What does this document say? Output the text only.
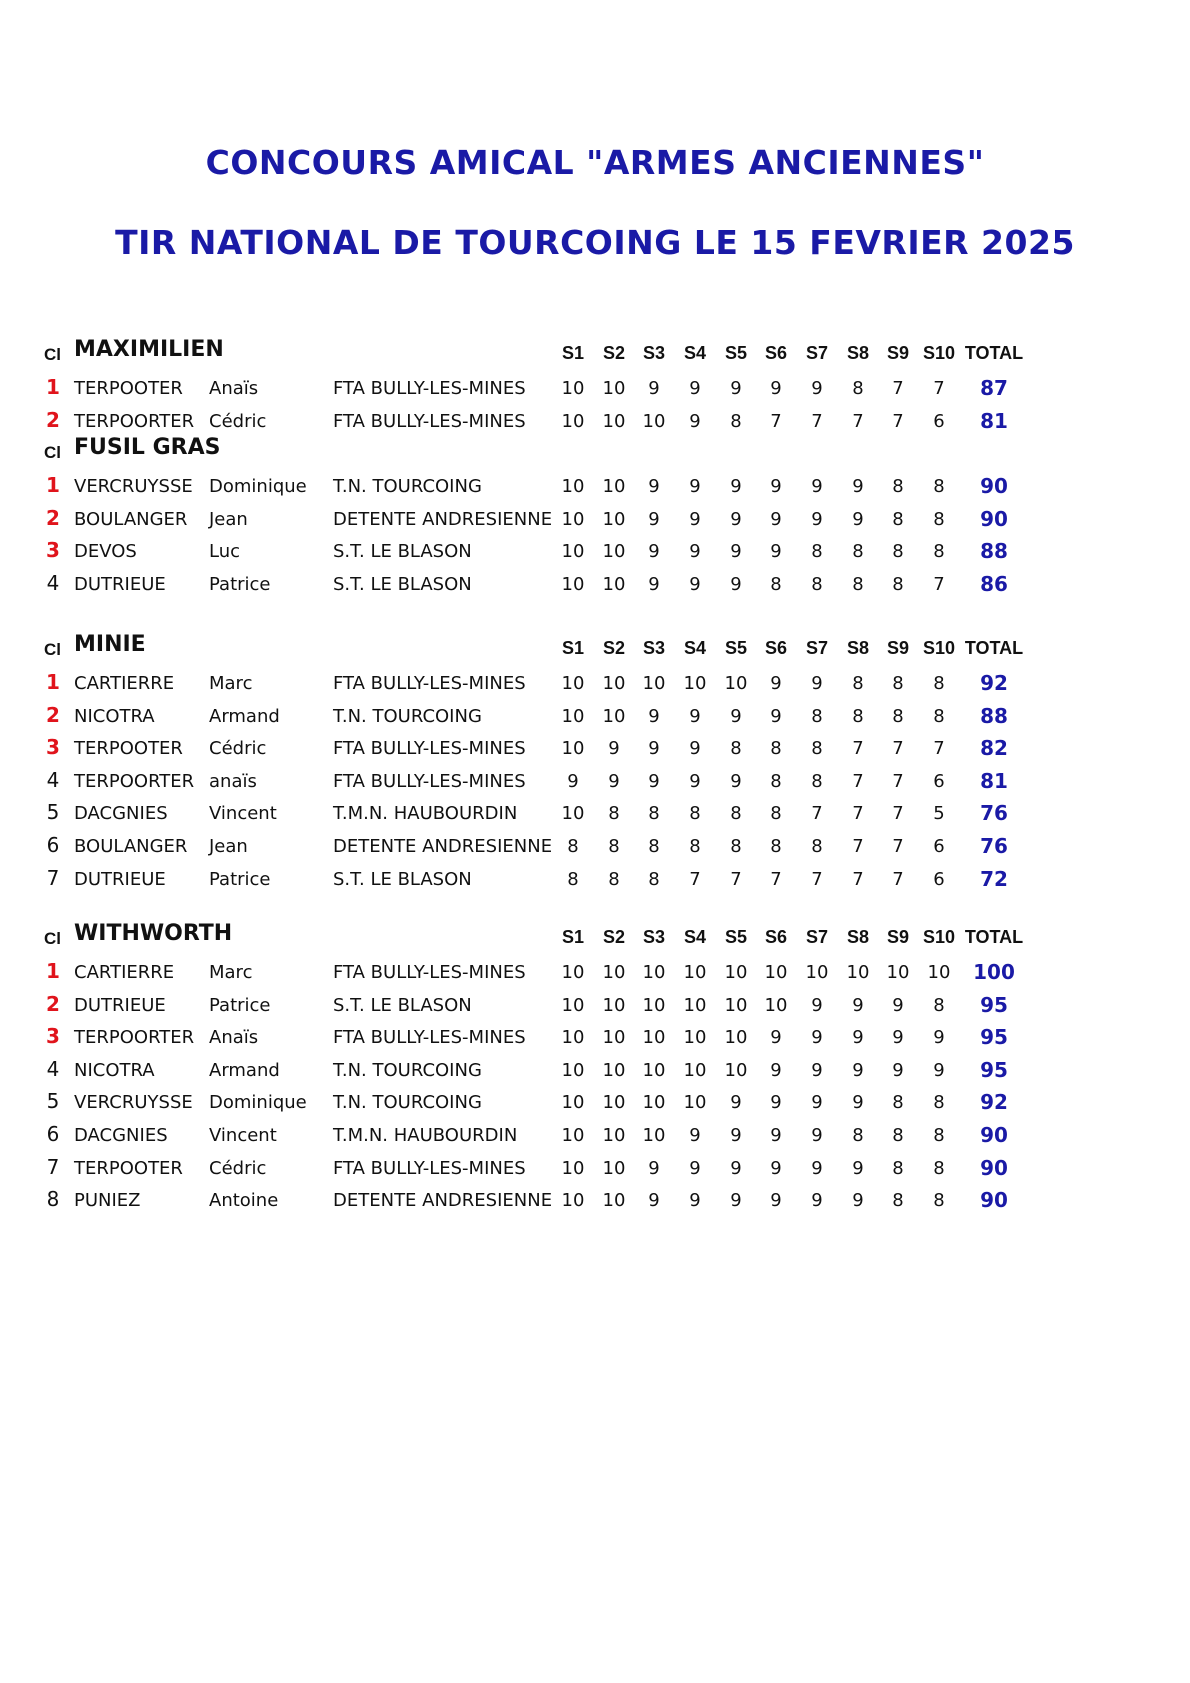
CONCOURS AMICAL "ARMES ANCIENNES"
TIR NATIONAL DE TOURCOING LE 15 FEVRIER 2025
Cl MAXIMILIEN	S1	S2 S3	S4	S5 S6	S7	S8 S9 S10 TOTAL
1 TERPOOTER Anaïs	FTA BULLY-LES-MINES	10	10	9	9	9	9	9	8	7	7	87
2 TERPOORTER Cédric	FTA BULLY-LES-MINES	10	10 10	9	8	7	7	7	7	6	81
Cl FUSIL GRAS
1 VERCRUYSSE Dominique T.N. TOURCOING	10	10	9	9	9	9	9	9	8	8	90
2 BOULANGER Jean	DETENTE ANDRESIENNE 10	10	9	9	9	9	9	9	8	8	90
3 DEVOS	Luc	S.T. LE BLASON	10	10	9	9	9	9	8	8	8	8	88
4 DUTRIEUE Patrice	S.T. LE BLASON	10	10	9	9	9	8	8	8	8	7	86
Cl MINIE	S1	S2 S3	S4	S5 S6	S7	S8 S9 S10 TOTAL
1 CARTIERRE Marc	FTA BULLY-LES-MINES	10	10 10	10	10	9	9	8	8	8	92
2 NICOTRA	Armand	T.N. TOURCOING	10	10	9	9	9	9	8	8	8	8	88
3 TERPOOTER Cédric	FTA BULLY-LES-MINES	10	9	9	9	8	8	8	7	7	7	82
4 TERPOORTER anaïs	FTA BULLY-LES-MINES	9	9	9	9	9	8	8	7	7	6	81
5 DACGNIES Vincent	T.M.N. HAUBOURDIN	10	8	8	8	8	8	7	7	7	5	76
6 BOULANGER Jean	DETENTE ANDRESIENNE 8	8	8	8	8	8	8	7	7	6	76
7 DUTRIEUE Patrice	S.T. LE BLASON	8	8	8	7	7	7	7	7	7	6	72
Cl WITHWORTH	S1	S2 S3	S4	S5 S6	S7	S8 S9 S10 TOTAL
1 CARTIERRE Marc	FTA BULLY-LES-MINES	10	10 10	10	10 10	10	10 10	10	100
2 DUTRIEUE Patrice	S.T. LE BLASON	10	10 10	10	10 10	9	9	9	8	95
3 TERPOORTER Anaïs	FTA BULLY-LES-MINES	10	10 10	10	10	9	9	9	9	9	95
4 NICOTRA	Armand	T.N. TOURCOING	10	10 10	10	10	9	9	9	9	9	95
5 VERCRUYSSE Dominique T.N. TOURCOING	10	10 10	10	9	9	9	9	8	8	92
6 DACGNIES Vincent	T.M.N. HAUBOURDIN	10	10 10	9	9	9	9	8	8	8	90
7 TERPOOTER Cédric	FTA BULLY-LES-MINES	10	10	9	9	9	9	9	9	8	8	90
8 PUNIEZ	Antoine	DETENTE ANDRESIENNE 10	10	9	9	9	9	9	9	8	8	90
